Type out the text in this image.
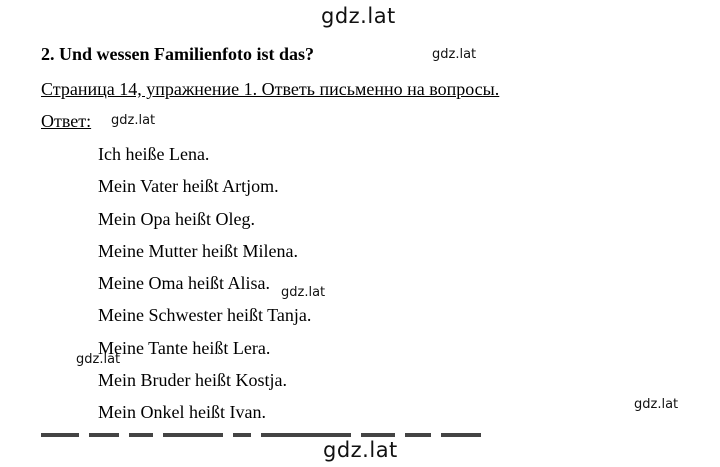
gdz.lat
2. Und wessen Familienfoto ist das?	gdz.lat
Страница 14, упражнение 1. Ответь письменно на вопросы.
Ответ: gdz.lat
Ich heiße Lena.
Mein Vater heißt Artjom.
Mein Opa heißt Oleg.
Meine Mutter heißt Milena.
Meine Oma heißt Alisa.
Meine Schwester heißt Tanja.
Meine Tante heißt Lera.
Mein Bruder heißt Kostja.
Mein Onkel heißt Ivan.
gdz.lat
gdz.lat
gdz.lat
gdz.lat
